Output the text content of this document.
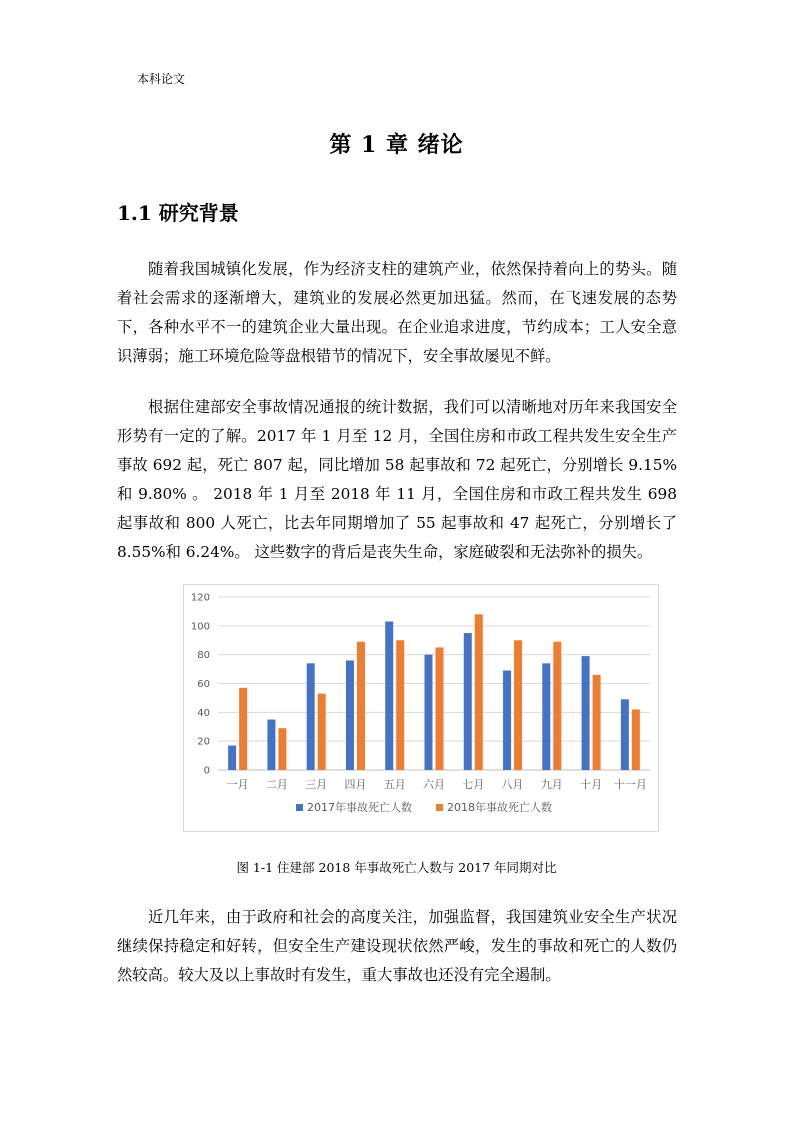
本科论文
第 1 章 绪论
1.1 研究背景

随着我国城镇化发展，作为经济支柱的建筑产业，依然保持着向上的势头。随着社会需求的逐渐增大，建筑业的发展必然更加迅猛。然而，在飞速发展的态势下，各种水平不一的建筑企业大量出现。在企业追求进度，节约成本；工人安全意识薄弱；施工环境危险等盘根错节的情况下，安全事故屡见不鲜。

根据住建部安全事故情况通报的统计数据，我们可以清晰地对历年来我国安全形势有一定的了解。2017 年 1 月至 12 月，全国住房和市政工程共发生安全生产事故 692 起，死亡 807 起，同比增加 58 起事故和 72 起死亡，分别增长 9.15%和 9.80% 。 2018 年 1 月至 2018 年 11 月，全国住房和市政工程共发生 698 起事故和 800 人死亡，比去年同期增加了 55 起事故和 47 起死亡，分别增长了 8.55%和 6.24%。 这些数字的背后是丧失生命，家庭破裂和无法弥补的损失。

0
20
40
60
80
100
120
一月 二月 三月 四月 五月 六月 七月 八月 九月 十月 十一月
2017年事故死亡人数	2018年事故死亡人数
图 1-1 住建部 2018 年事故死亡人数与 2017 年同期对比

近几年来，由于政府和社会的高度关注，加强监督，我国建筑业安全生产状况继续保持稳定和好转，但安全生产建设现状依然严峻，发生的事故和死亡的人数仍然较高。较大及以上事故时有发生，重大事故也还没有完全遏制。
